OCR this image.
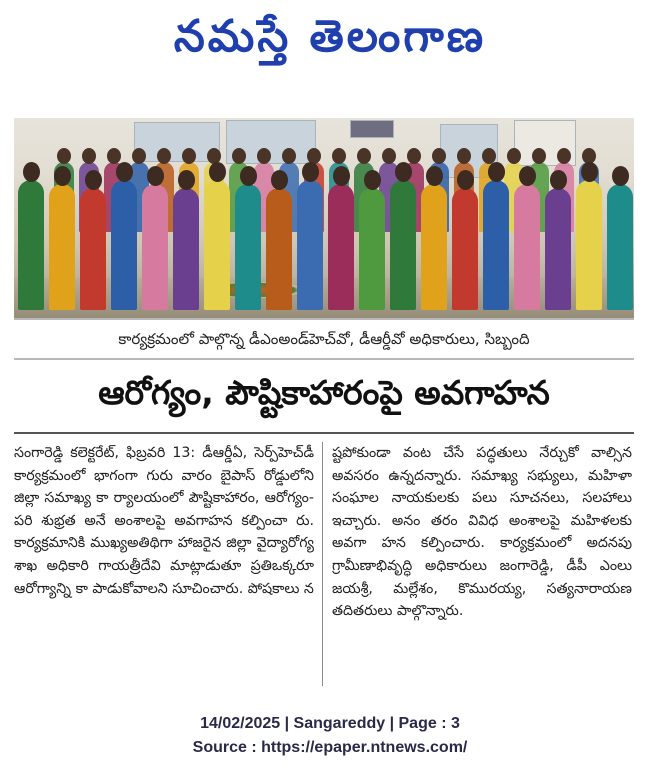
నమస్తే తెలంగాణ
కార్యక్రమంలో పాల్గొన్న డీఎంఅండ్‌హెచ్‌వో, డీఆర్డీవో అధికారులు, సిబ్బంది
ఆరోగ్యం, పౌష్టికాహారంపై అవగాహన
సంగారెడ్డి కలెక్టరేట్, ఫిబ్రవరి 13: డీఆర్డీఏ, సెర్ప్‌హెచ్‌డీ కార్యక్రమంలో భాగంగా గురు వారం బైపాస్ రోడ్డులోని జిల్లా సమాఖ్య కా ర్యాలయంలో పౌష్టికాహారం, ఆరోగ్యం-పరి శుభ్రత అనే అంశాలపై అవగాహన కల్పించా రు. కార్యక్రమానికి ముఖ్యఅతిథిగా హాజరైన జిల్లా వైద్యారోగ్య శాఖ అధికారి గాయత్రీదేవి మాట్లాడుతూ ప్రతిఒక్కరూ ఆరోగ్యాన్ని కా పాడుకోవాలని సూచించారు. పోషకాలు న
ష్టపోకుండా వంట చేసే పద్ధతులు నేర్చుకో వాల్సిన అవసరం ఉన్నదన్నారు. సమాఖ్య సభ్యులు, మహిళా సంఘాల నాయకులకు పలు సూచనలు, సలహాలు ఇచ్చారు. అనం తరం వివిధ అంశాలపై మహిళలకు అవగా హన కల్పించారు. కార్యక్రమంలో అదనపు గ్రామీణాభివృద్ధి అధికారులు జంగారెడ్డి, డీపీ ఎంలు జయశ్రీ, మల్లేశం, కొమురయ్య, సత్యనారాయణ తదితరులు పాల్గొన్నారు.
14/02/2025 | Sangareddy | Page : 3
Source : https://epaper.ntnews.com/
